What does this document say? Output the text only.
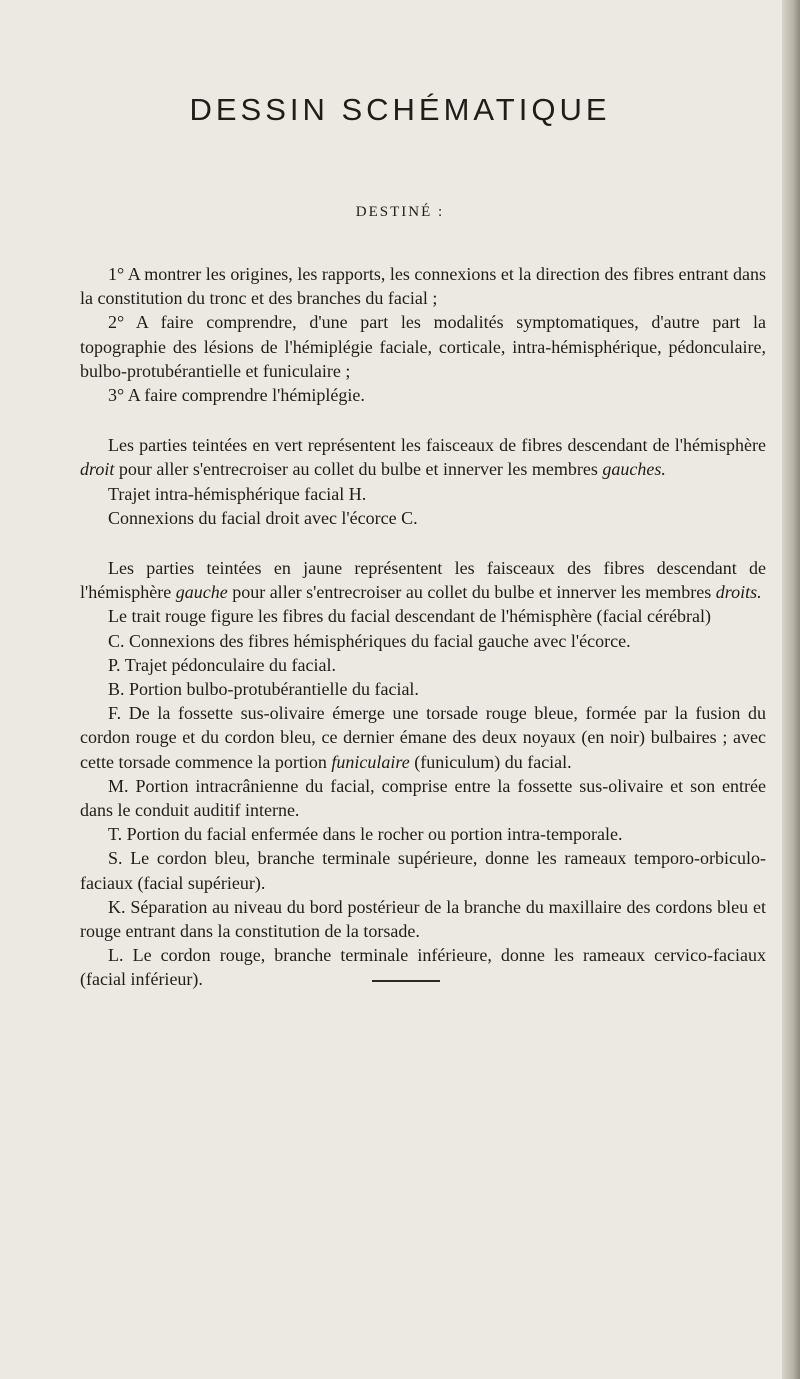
DESSIN SCHÉMATIQUE
DESTINÉ :

1° A montrer les origines, les rapports, les connexions et la direction des fibres entrant dans la constitution du tronc et des branches du facial ;

2° A faire comprendre, d'une part les modalités symptomatiques, d'autre part la topographie des lésions de l'hémiplégie faciale, corticale, intra-hémisphérique, pédonculaire, bulbo-protubérantielle et funiculaire ;

3° A faire comprendre l'hémiplégie.

Les parties teintées en vert représentent les faisceaux de fibres descendant de l'hémisphère droit pour aller s'entrecroiser au collet du bulbe et innerver les membres gauches.

Trajet intra-hémisphérique facial H.

Connexions du facial droit avec l'écorce C.

Les parties teintées en jaune représentent les faisceaux des fibres descendant de l'hémisphère gauche pour aller s'entrecroiser au collet du bulbe et innerver les membres droits.

Le trait rouge figure les fibres du facial descendant de l'hémisphère (facial cérébral)

C. Connexions des fibres hémisphériques du facial gauche avec l'écorce.

P. Trajet pédonculaire du facial.

B. Portion bulbo-protubérantielle du facial.

F. De la fossette sus-olivaire émerge une torsade rouge bleue, formée par la fusion du cordon rouge et du cordon bleu, ce dernier émane des deux noyaux (en noir) bulbaires ; avec cette torsade commence la portion funiculaire (funiculum) du facial.

M. Portion intracrânienne du facial, comprise entre la fossette sus-olivaire et son entrée dans le conduit auditif interne.

T. Portion du facial enfermée dans le rocher ou portion intra-temporale.

S. Le cordon bleu, branche terminale supérieure, donne les rameaux temporo-orbiculo-faciaux (facial supérieur).

K. Séparation au niveau du bord postérieur de la branche du maxillaire des cordons bleu et rouge entrant dans la constitution de la torsade.

L. Le cordon rouge, branche terminale inférieure, donne les rameaux cervico-faciaux (facial inférieur).
